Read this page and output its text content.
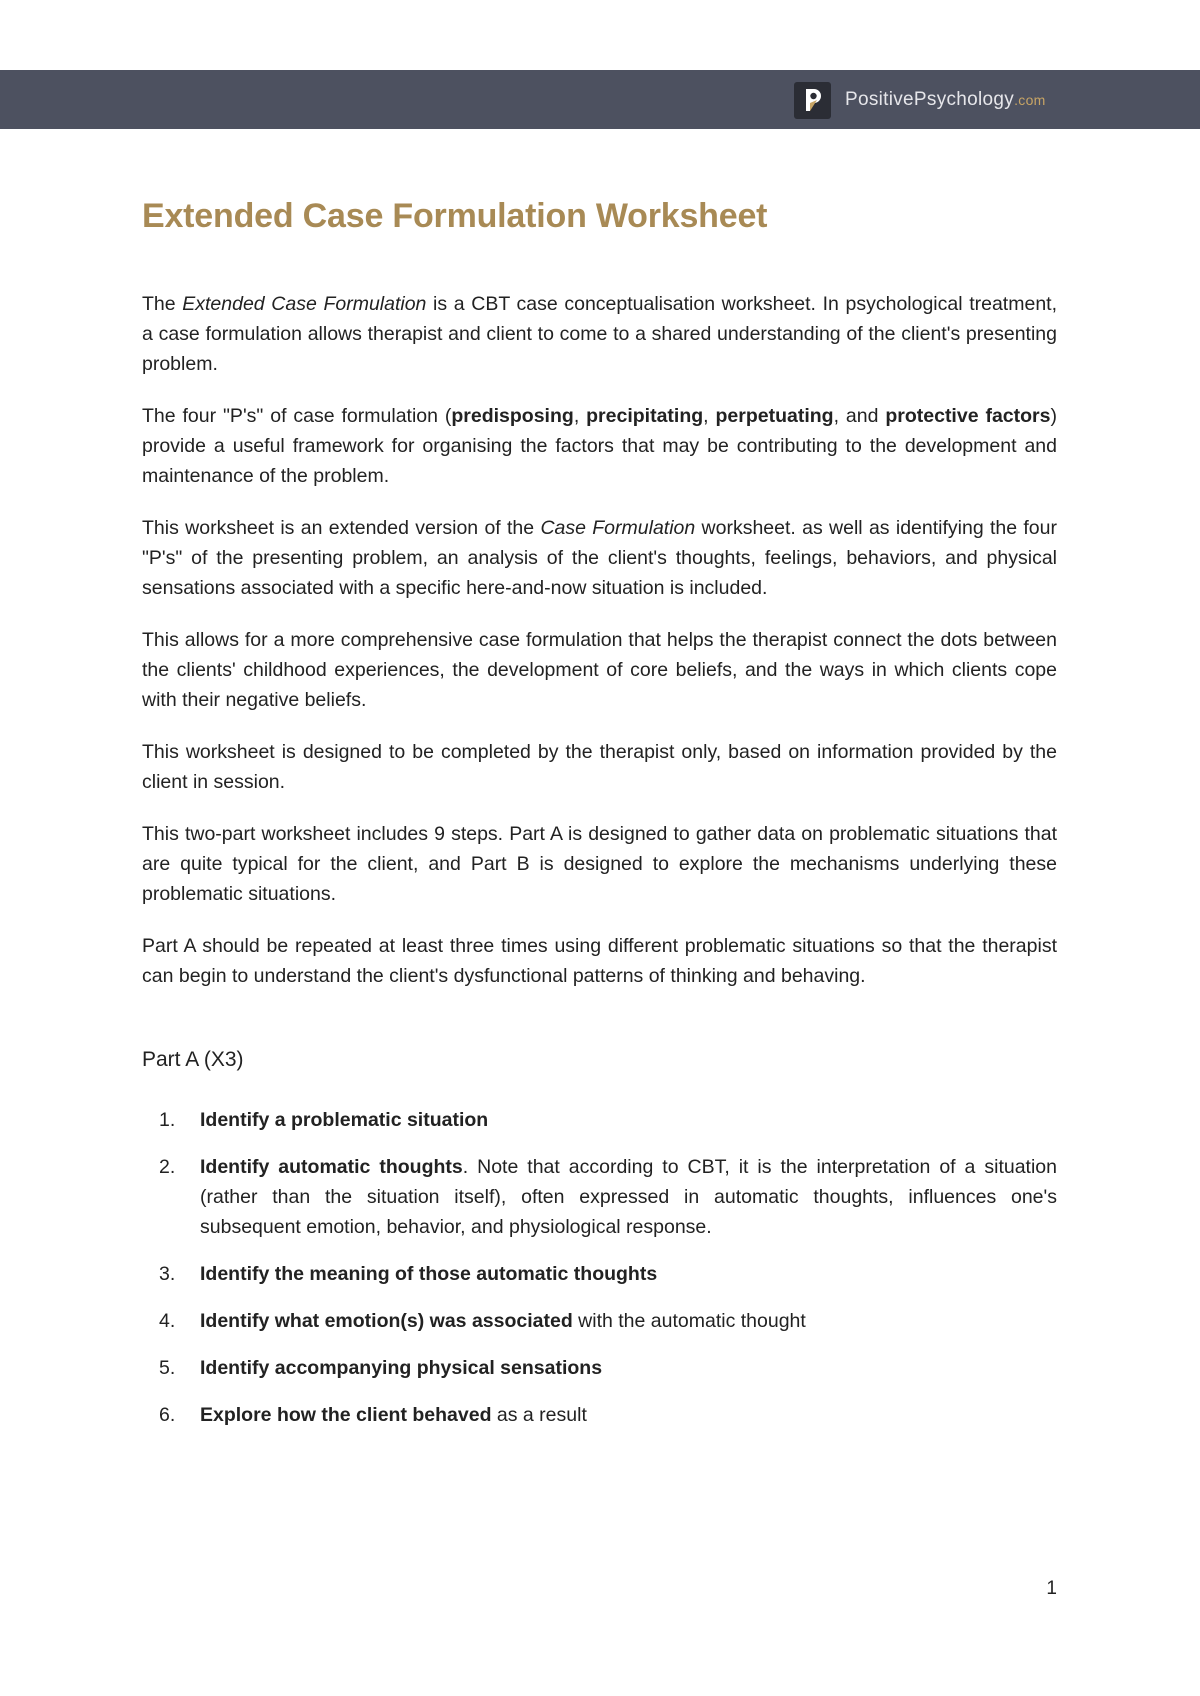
PositivePsychology.com
Extended Case Formulation Worksheet

The Extended Case Formulation is a CBT case conceptualisation worksheet. In psychological treatment, a case formulation allows therapist and client to come to a shared understanding of the client's presenting problem.

The four "P's" of case formulation (predisposing, precipitating, perpetuating, and protective factors) provide a useful framework for organising the factors that may be contributing to the development and maintenance of the problem.

This worksheet is an extended version of the Case Formulation worksheet. as well as identifying the four "P's" of the presenting problem, an analysis of the client's thoughts, feelings, behaviors, and physical sensations associated with a specific here-and-now situation is included.

This allows for a more comprehensive case formulation that helps the therapist connect the dots between the clients' childhood experiences, the development of core beliefs, and the ways in which clients cope with their negative beliefs.

This worksheet is designed to be completed by the therapist only, based on information provided by the client in session.

This two-part worksheet includes 9 steps. Part A is designed to gather data on problematic situations that are quite typical for the client, and Part B is designed to explore the mechanisms underlying these problematic situations.

Part A should be repeated at least three times using different problematic situations so that the therapist can begin to understand the client's dysfunctional patterns of thinking and behaving.

Part A (X3)
1. Identify a problematic situation
2. Identify automatic thoughts. Note that according to CBT, it is the interpretation of a situation (rather than the situation itself), often expressed in automatic thoughts, influences one's subsequent emotion, behavior, and physiological response.
3. Identify the meaning of those automatic thoughts
4. Identify what emotion(s) was associated with the automatic thought
5. Identify accompanying physical sensations
6. Explore how the client behaved as a result
1
